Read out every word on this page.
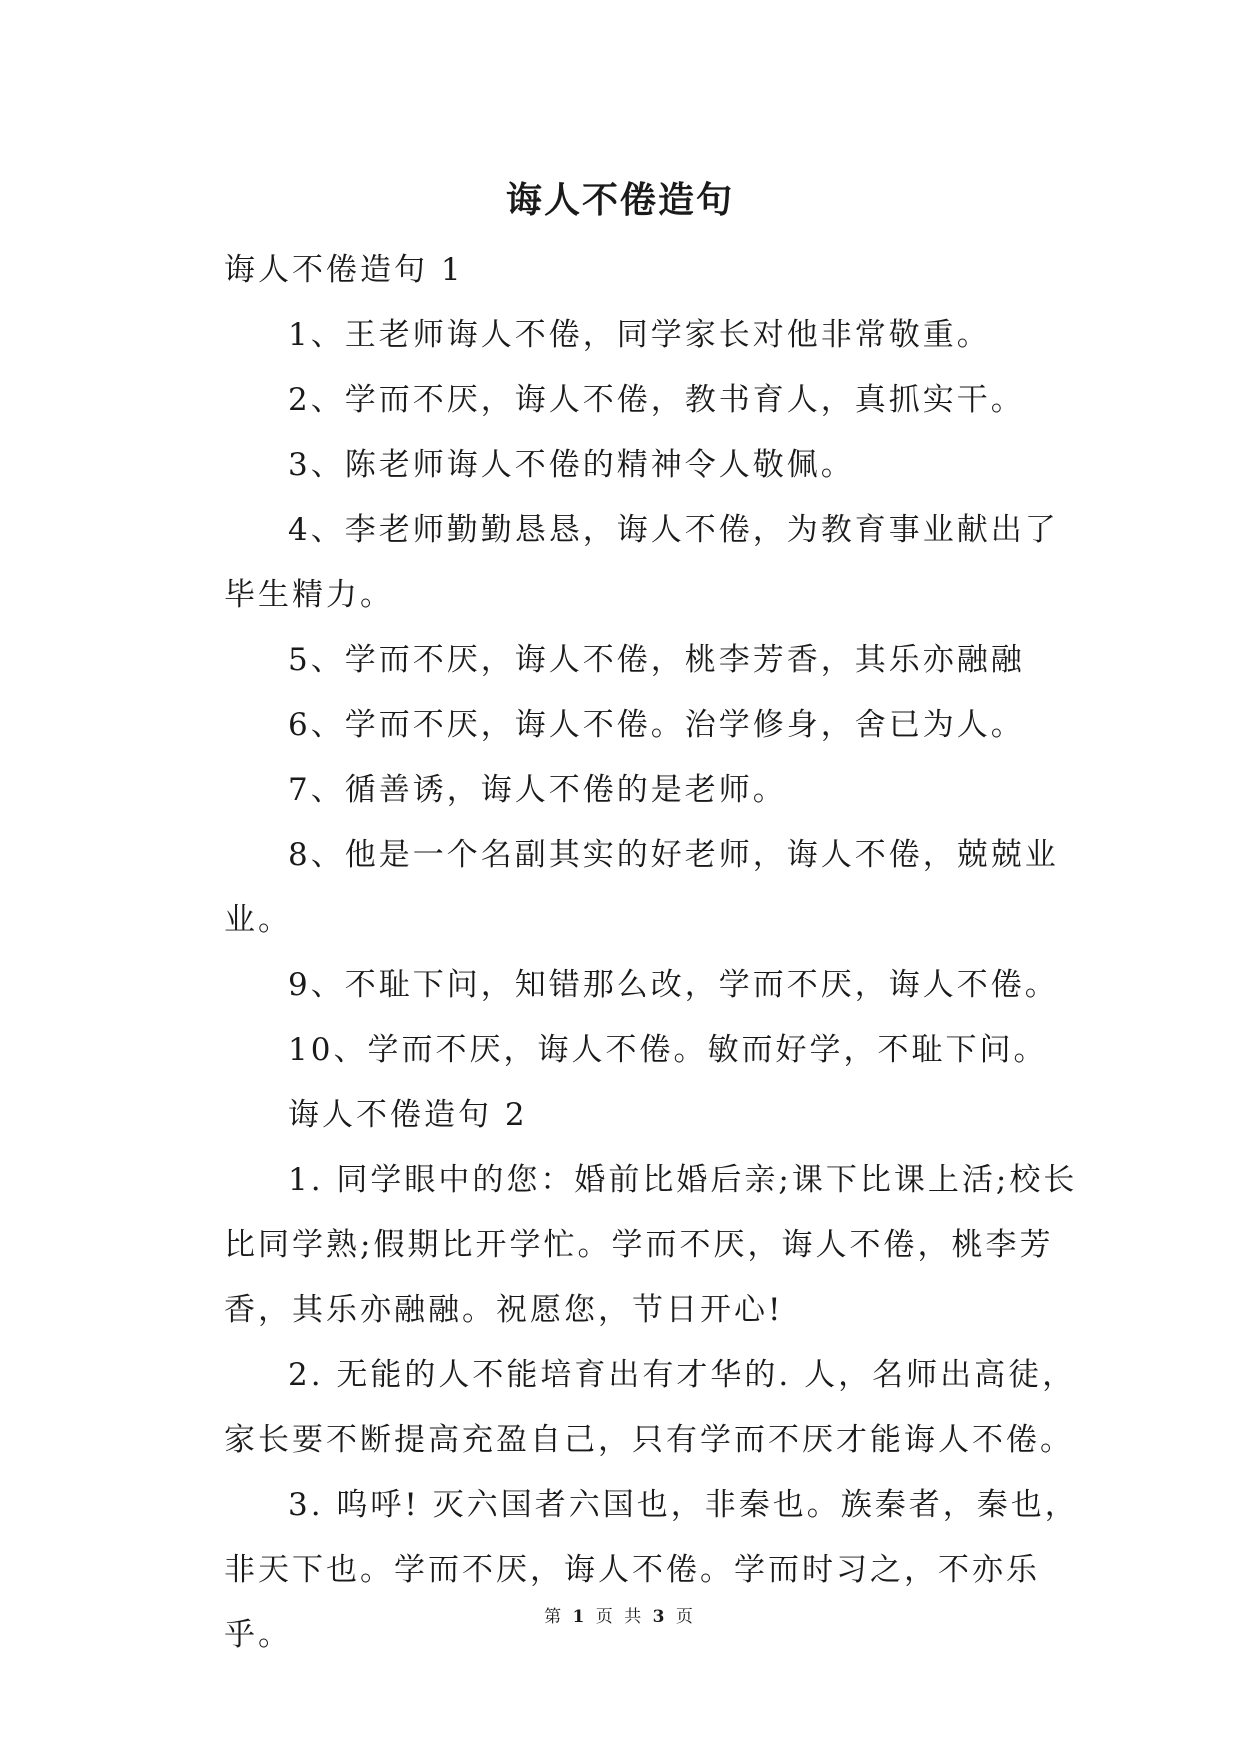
诲人不倦造句

诲人不倦造句 1

1、王老师诲人不倦，同学家长对他非常敬重。

2、学而不厌，诲人不倦，教书育人，真抓实干。

3、陈老师诲人不倦的精神令人敬佩。

4、李老师勤勤恳恳，诲人不倦，为教育事业献出了毕生精力。

5、学而不厌，诲人不倦，桃李芳香，其乐亦融融

6、学而不厌，诲人不倦。治学修身，舍已为人。

7、循善诱，诲人不倦的是老师。

8、他是一个名副其实的好老师，诲人不倦，兢兢业业。

9、不耻下问，知错那么改，学而不厌，诲人不倦。

10、学而不厌，诲人不倦。敏而好学，不耻下问。

诲人不倦造句 2

1. 同学眼中的您：婚前比婚后亲;课下比课上活;校长比同学熟;假期比开学忙。学而不厌，诲人不倦，桃李芳香，其乐亦融融。祝愿您，节日开心!

2. 无能的人不能培育出有才华的. 人，名师出高徒，家长要不断提高充盈自己，只有学而不厌才能诲人不倦。

3. 呜呼! 灭六国者六国也，非秦也。族秦者，秦也，非天下也。学而不厌，诲人不倦。学而时习之，不亦乐乎。	第 1 页 共 3 页
